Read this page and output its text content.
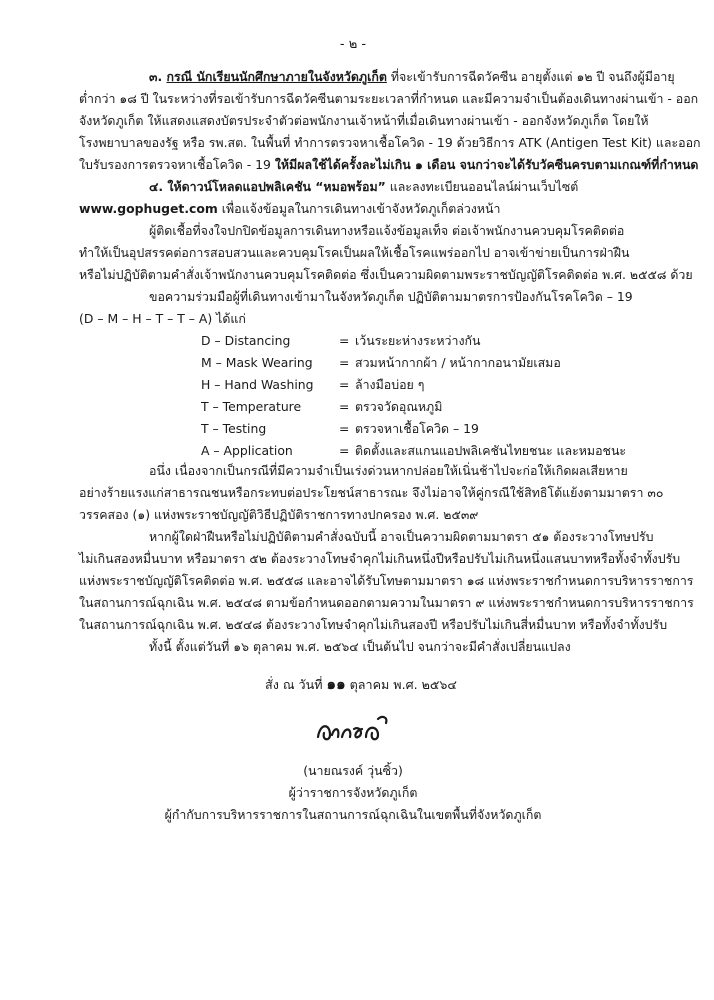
- ๒ -
๓. กรณี นักเรียนนักศึกษาภายในจังหวัดภูเก็ต ที่จะเข้ารับการฉีดวัคซีน อายุตั้งแต่ ๑๒ ปี จนถึงผู้มีอายุ
ต่ำกว่า ๑๘ ปี ในระหว่างที่รอเข้ารับการฉีดวัคซีนตามระยะเวลาที่กำหนด และมีความจำเป็นต้องเดินทางผ่านเข้า - ออก
จังหวัดภูเก็ต ให้แสดงแสดงบัตรประจำตัวต่อพนักงานเจ้าหน้าที่เมื่อเดินทางผ่านเข้า - ออกจังหวัดภูเก็ต โดยให้
โรงพยาบาลของรัฐ หรือ รพ.สต. ในพื้นที่ ทำการตรวจหาเชื้อโควิด - 19 ด้วยวิธีการ ATK (Antigen Test Kit) และออก
ใบรับรองการตรวจหาเชื้อโควิด - 19 ให้มีผลใช้ได้ครั้งละไม่เกิน ๑ เดือน จนกว่าจะได้รับวัคซีนครบตามเกณฑ์ที่กำหนด
๔. ให้ดาวน์โหลดแอปพลิเคชัน “หมอพร้อม” และลงทะเบียนออนไลน์ผ่านเว็บไซต์
www.gophuget.com เพื่อแจ้งข้อมูลในการเดินทางเข้าจังหวัดภูเก็ตล่วงหน้า
ผู้ติดเชื้อที่จงใจปกปิดข้อมูลการเดินทางหรือแจ้งข้อมูลเท็จ ต่อเจ้าพนักงานควบคุมโรคติดต่อ
ทำให้เป็นอุปสรรคต่อการสอบสวนและควบคุมโรคเป็นผลให้เชื้อโรคแพร่ออกไป อาจเข้าข่ายเป็นการฝ่าฝืน
หรือไม่ปฏิบัติตามคำสั่งเจ้าพนักงานควบคุมโรคติดต่อ ซึ่งเป็นความผิดตามพระราชบัญญัติโรคติดต่อ พ.ศ. ๒๕๕๘ ด้วย
ขอความร่วมมือผู้ที่เดินทางเข้ามาในจังหวัดภูเก็ต ปฏิบัติตามมาตรการป้องกันโรคโควิด – 19
(D – M – H – T – T – A) ได้แก่
D – Distancing	= เว้นระยะห่างระหว่างกัน
M – Mask Wearing	= สวมหน้ากากผ้า / หน้ากากอนามัยเสมอ
H – Hand Washing	= ล้างมือบ่อย ๆ
T – Temperature	= ตรวจวัดอุณหภูมิ
T – Testing	= ตรวจหาเชื้อโควิด – 19
A – Application	= ติดตั้งและสแกนแอปพลิเคชันไทยชนะ และหมอชนะ
อนึ่ง เนื่องจากเป็นกรณีที่มีความจำเป็นเร่งด่วนหากปล่อยให้เนิ่นช้าไปจะก่อให้เกิดผลเสียหาย
อย่างร้ายแรงแก่สาธารณชนหรือกระทบต่อประโยชน์สาธารณะ จึงไม่อาจให้คู่กรณีใช้สิทธิโต้แย้งตามมาตรา ๓๐
วรรคสอง (๑) แห่งพระราชบัญญัติวิธีปฏิบัติราชการทางปกครอง พ.ศ. ๒๕๓๙
หากผู้ใดฝ่าฝืนหรือไม่ปฏิบัติตามคำสั่งฉบับนี้ อาจเป็นความผิดตามมาตรา ๕๑ ต้องระวางโทษปรับ
ไม่เกินสองหมื่นบาท หรือมาตรา ๕๒ ต้องระวางโทษจำคุกไม่เกินหนึ่งปีหรือปรับไม่เกินหนึ่งแสนบาทหรือทั้งจำทั้งปรับ
แห่งพระราชบัญญัติโรคติดต่อ พ.ศ. ๒๕๕๘ และอาจได้รับโทษตามมาตรา ๑๘ แห่งพระราชกำหนดการบริหารราชการ
ในสถานการณ์ฉุกเฉิน พ.ศ. ๒๕๔๘ ตามข้อกำหนดออกตามความในมาตรา ๙ แห่งพระราชกำหนดการบริหารราชการ
ในสถานการณ์ฉุกเฉิน พ.ศ. ๒๕๔๘ ต้องระวางโทษจำคุกไม่เกินสองปี หรือปรับไม่เกินสี่หมื่นบาท หรือทั้งจำทั้งปรับ
ทั้งนี้ ตั้งแต่วันที่ ๑๖ ตุลาคม พ.ศ. ๒๕๖๔ เป็นต้นไป จนกว่าจะมีคำสั่งเปลี่ยนแปลง
สั่ง ณ วันที่ ๑๑ ตุลาคม พ.ศ. ๒๕๖๔
(นายณรงค์ วุ่นซิ้ว)
ผู้ว่าราชการจังหวัดภูเก็ต
ผู้กำกับการบริหารราชการในสถานการณ์ฉุกเฉินในเขตพื้นที่จังหวัดภูเก็ต
